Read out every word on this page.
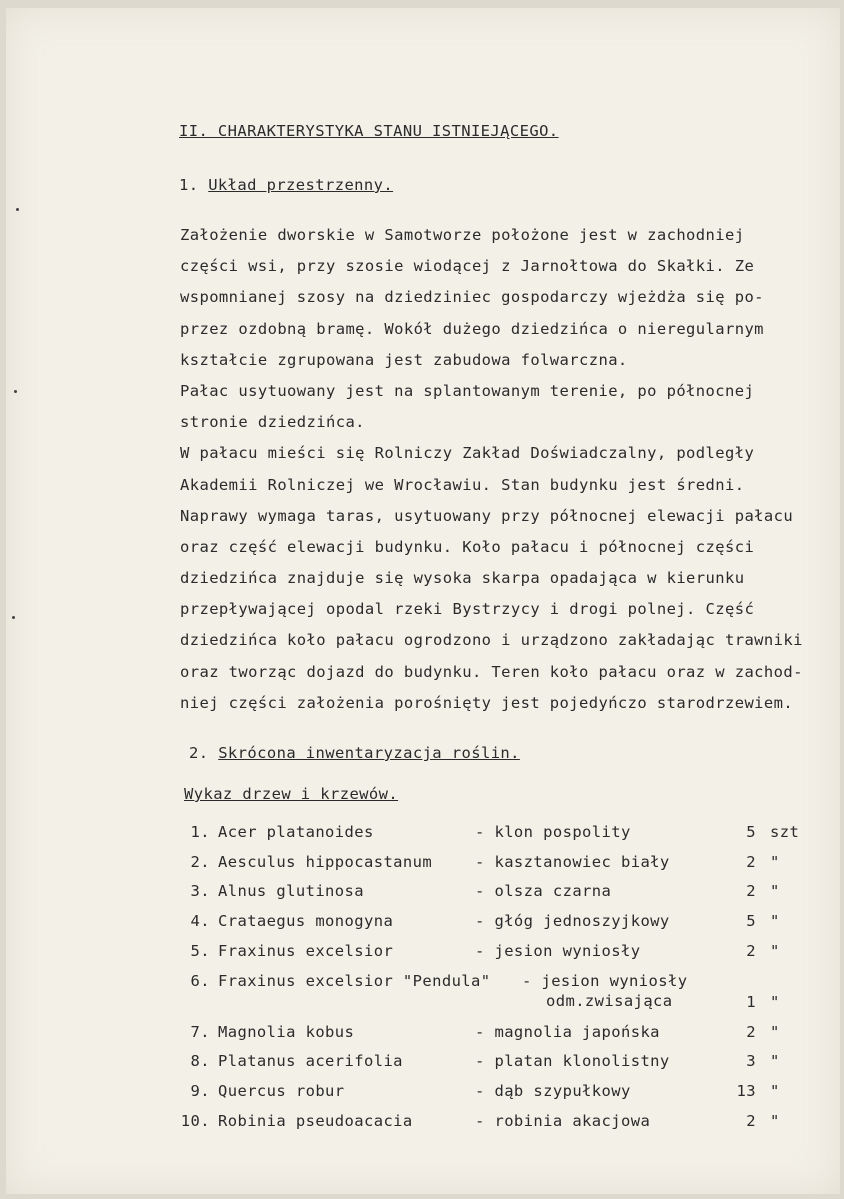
II. CHARAKTERYSTYKA STANU ISTNIEJĄCEGO.
1. Układ przestrzenny.
Założenie dworskie w Samotworze położone jest w zachodniej
części wsi, przy szosie wiodącej z Jarnołtowa do Skałki. Ze
wspomnianej szosy na dziedziniec gospodarczy wjeżdża się po-
przez ozdobną bramę. Wokół dużego dziedzińca o nieregularnym
kształcie zgrupowana jest zabudowa folwarczna.
Pałac usytuowany jest na splantowanym terenie, po północnej
stronie dziedzińca.
W pałacu mieści się Rolniczy Zakład Doświadczalny, podległy
Akademii Rolniczej we Wrocławiu. Stan budynku jest średni.
Naprawy wymaga taras, usytuowany przy północnej elewacji pałacu
oraz część elewacji budynku. Koło pałacu i północnej części
dziedzińca znajduje się wysoka skarpa opadająca w kierunku
przepływającej opodal rzeki Bystrzycy i drogi polnej. Część
dziedzińca koło pałacu ogrodzono i urządzono zakładając trawniki
oraz tworząc dojazd do budynku. Teren koło pałacu oraz w zachod-
niej części założenia porośnięty jest pojedyńczo starodrzewiem.
2. Skrócona inwentaryzacja roślin.
Wykaz drzew i krzewów.
1. Acer platanoides	- klon pospolity	5 szt
2. Aesculus hippocastanum	- kasztanowiec biały	2 "
3. Alnus glutinosa	- olsza czarna	2 "
4. Crataegus monogyna	- głóg jednoszyjkowy	5 "
5. Fraxinus excelsior	- jesion wyniosły	2 "
6. Fraxinus excelsior "Pendula" - jesion wyniosły
odm.zwisająca	1 "
7. Magnolia kobus	- magnolia japońska	2 "
8. Platanus acerifolia	- platan klonolistny	3 "
9. Quercus robur	- dąb szypułkowy	13 "
10. Robinia pseudoacacia	- robinia akacjowa	2 "
